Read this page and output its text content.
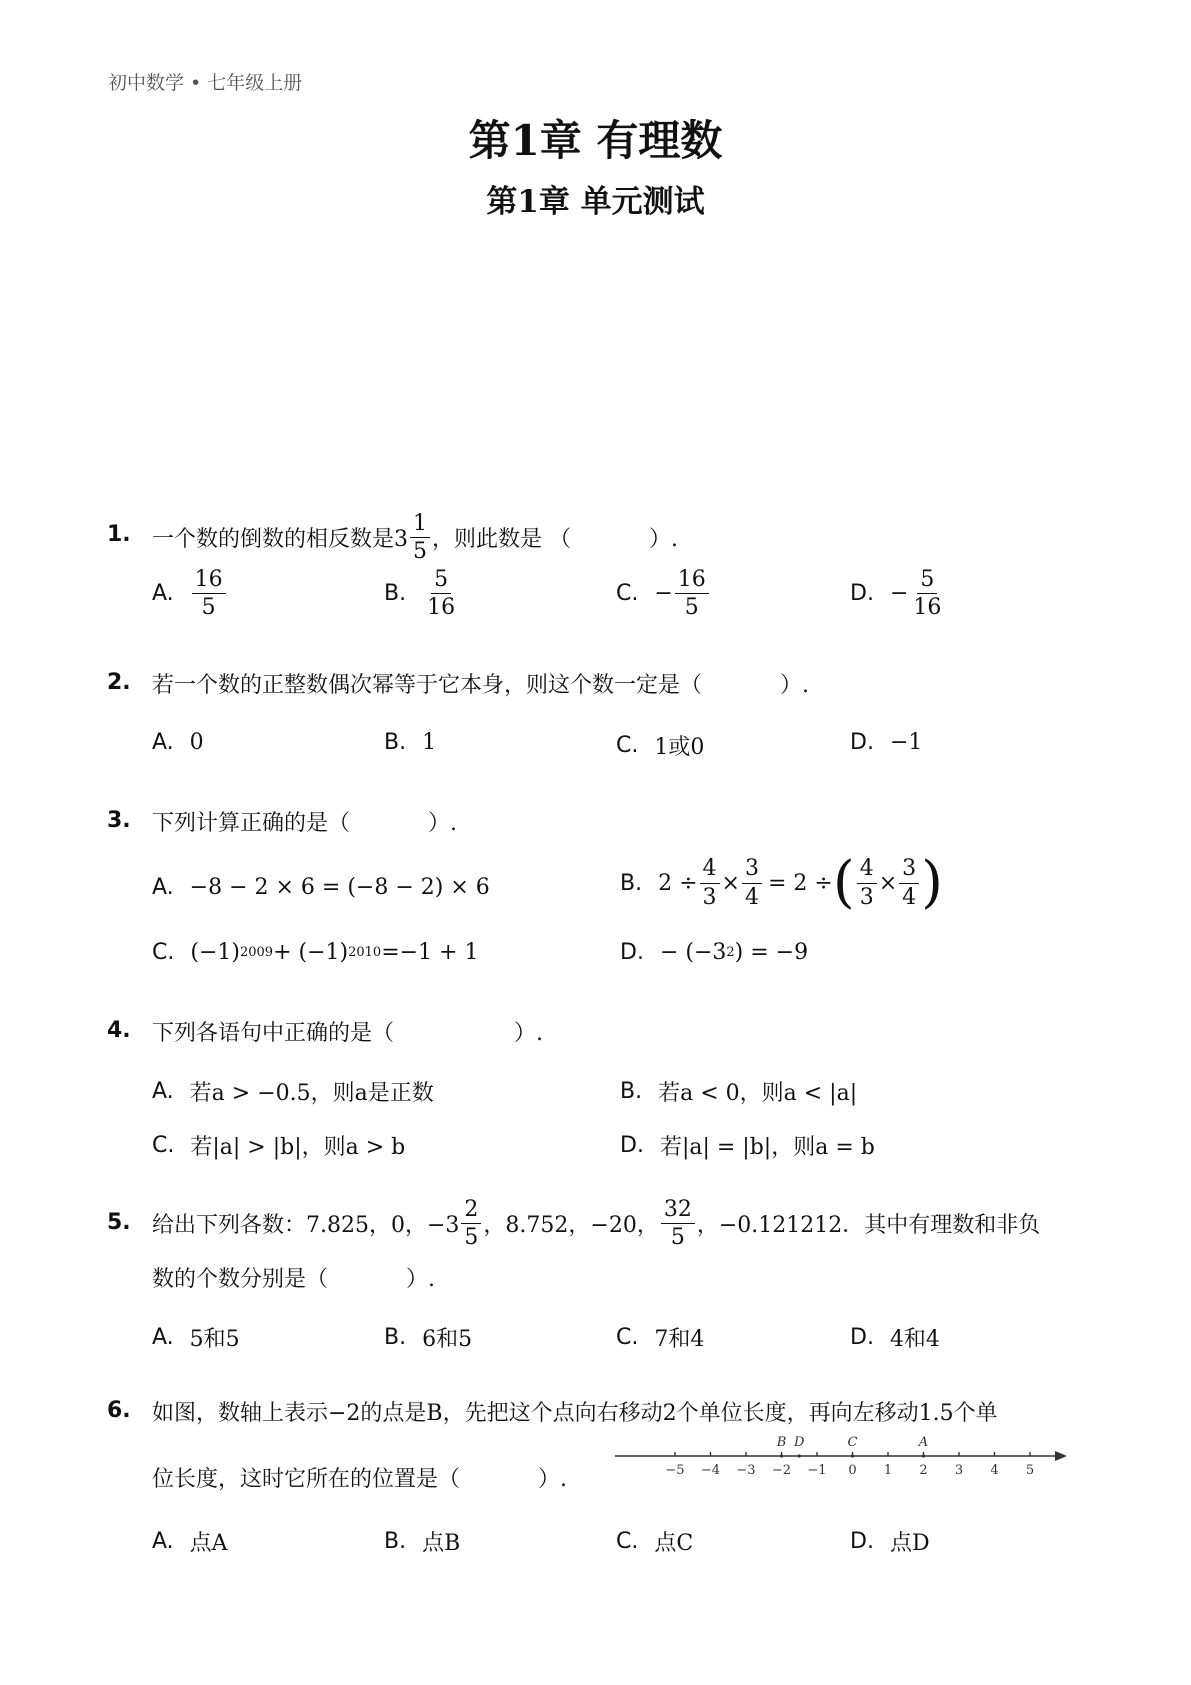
初中数学 • 七年级上册
第1章 有理数
第1章 单元测试
1. 一个数的倒数的相反数是$3 \frac{1}{5}$ ，则此数是 （	）.
A. $\frac{16}{5}$	B. $\frac{5}{16}$	C. − $\frac{16}{5}$	D. − $\frac{5}{16}$
2. 若一个数的正整数偶次幂等于它本身，则这个数一定是（	）.
A. 0	B. 1	C. 1或0	D. −1
3. 下列计算正确的是（	）.
A. −8 − 2 × 6 = (−8 − 2) × 6	B. $2 \div \frac{4}{3} \times \frac{3}{4} = 2$ ÷ ( $\frac{4}{3} \times \frac{3}{4}$ )
C. (−1) 2009 + (−1) 2010 =−1 + 1	D. − (−3 2 ) = −9
4. 下列各语句中正确的是（	）.
A. 若a > −0.5，则a是正数	B. 若a < 0，则a < |a|
C. 若|a| > |b|，则a > b	D. 若|a| = |b|，则a = b
5. 给出下列各数：7.825，0，$-3 \frac{2}{5}$ ，8.752，−20， $\frac{32}{5}$ ，−0.121212．其中有理数和非负
数的个数分别是（	）.
A. 5和5	B. 6和5	C. 7和4	D. 4和4
6. 如图，数轴上表示−2的点是B，先把这个点向右移动2个单位长度，再向左移动1.5个单
位长度，这时它所在的位置是（	）.	−5 −4 −3 −2 −1 0 1 2 3 4 5
B D	C	A
A. 点A	B. 点B	C. 点C	D. 点D
